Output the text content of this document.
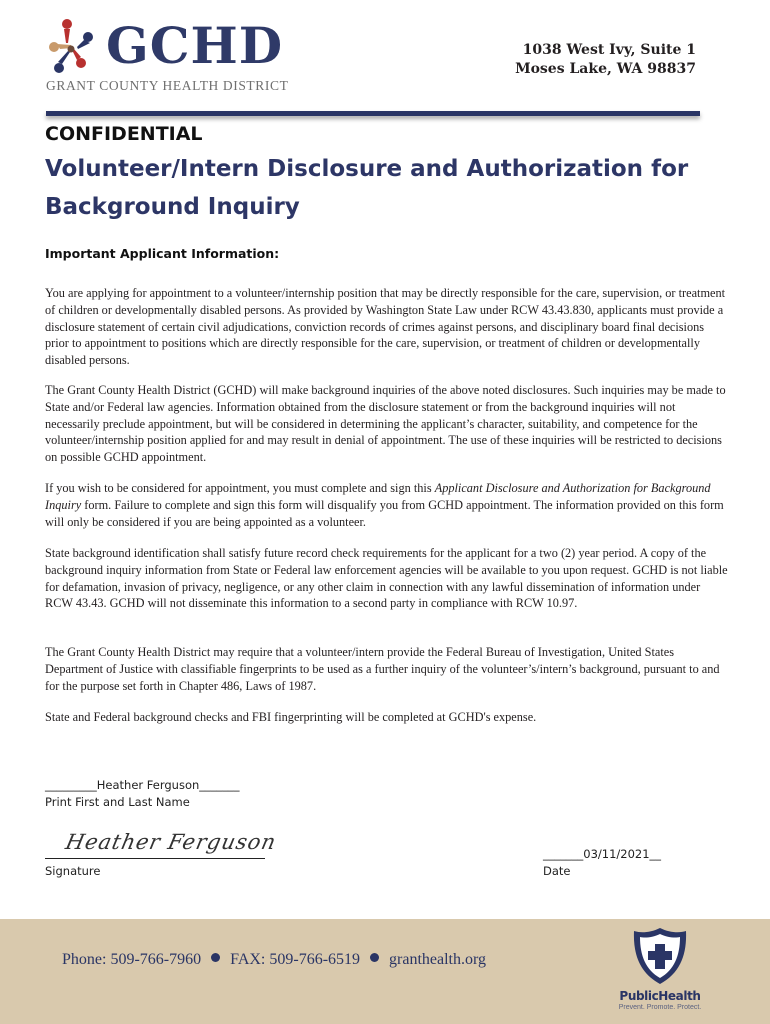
GCHD
GRANT COUNTY HEALTH DISTRICT
1038 West Ivy, Suite 1
Moses Lake, WA 98837
CONFIDENTIAL
Volunteer/Intern Disclosure and Authorization for
Background Inquiry
Important Applicant Information:

You are applying for appointment to a volunteer/internship position that may be directly responsible for the care, supervision, or treatment of children or developmentally disabled persons. As provided by Washington State Law under RCW 43.43.830, applicants must provide a disclosure statement of certain civil adjudications, conviction records of crimes against persons, and disciplinary board final decisions prior to appointment to positions which are directly responsible for the care, supervision, or treatment of children or developmentally disabled persons.

The Grant County Health District (GCHD) will make background inquiries of the above noted disclosures. Such inquiries may be made to State and/or Federal law agencies. Information obtained from the disclosure statement or from the background inquiries will not necessarily preclude appointment, but will be considered in determining the applicant’s character, suitability, and competence for the volunteer/internship position applied for and may result in denial of appointment. The use of these inquiries will be restricted to decisions on possible GCHD appointment.

If you wish to be considered for appointment, you must complete and sign this Applicant Disclosure and Authorization for Background Inquiry form. Failure to complete and sign this form will disqualify you from GCHD appointment. The information provided on this form will only be considered if you are being appointed as a volunteer.

State background identification shall satisfy future record check requirements for the applicant for a two (2) year period. A copy of the background inquiry information from State or Federal law enforcement agencies will be available to you upon request. GCHD is not liable for defamation, invasion of privacy, negligence, or any other claim in connection with any lawful dissemination of information under RCW 43.43. GCHD will not disseminate this information to a second party in compliance with RCW 10.97.

The Grant County Health District may require that a volunteer/intern provide the Federal Bureau of Investigation, United States Department of Justice with classifiable fingerprints to be used as a further inquiry of the volunteer’s/intern’s background, pursuant to and for the purpose set forth in Chapter 486, Laws of 1987.

State and Federal background checks and FBI fingerprinting will be completed at GCHD's expense.

_________Heather Ferguson_______
Print First and Last Name
Heather Ferguson
Signature
_______03/11/2021__
Date
Phone: 509-766-7960 FAX: 509-766-6519 granthealth.org
PublicHealth
Prevent. Promote. Protect.
